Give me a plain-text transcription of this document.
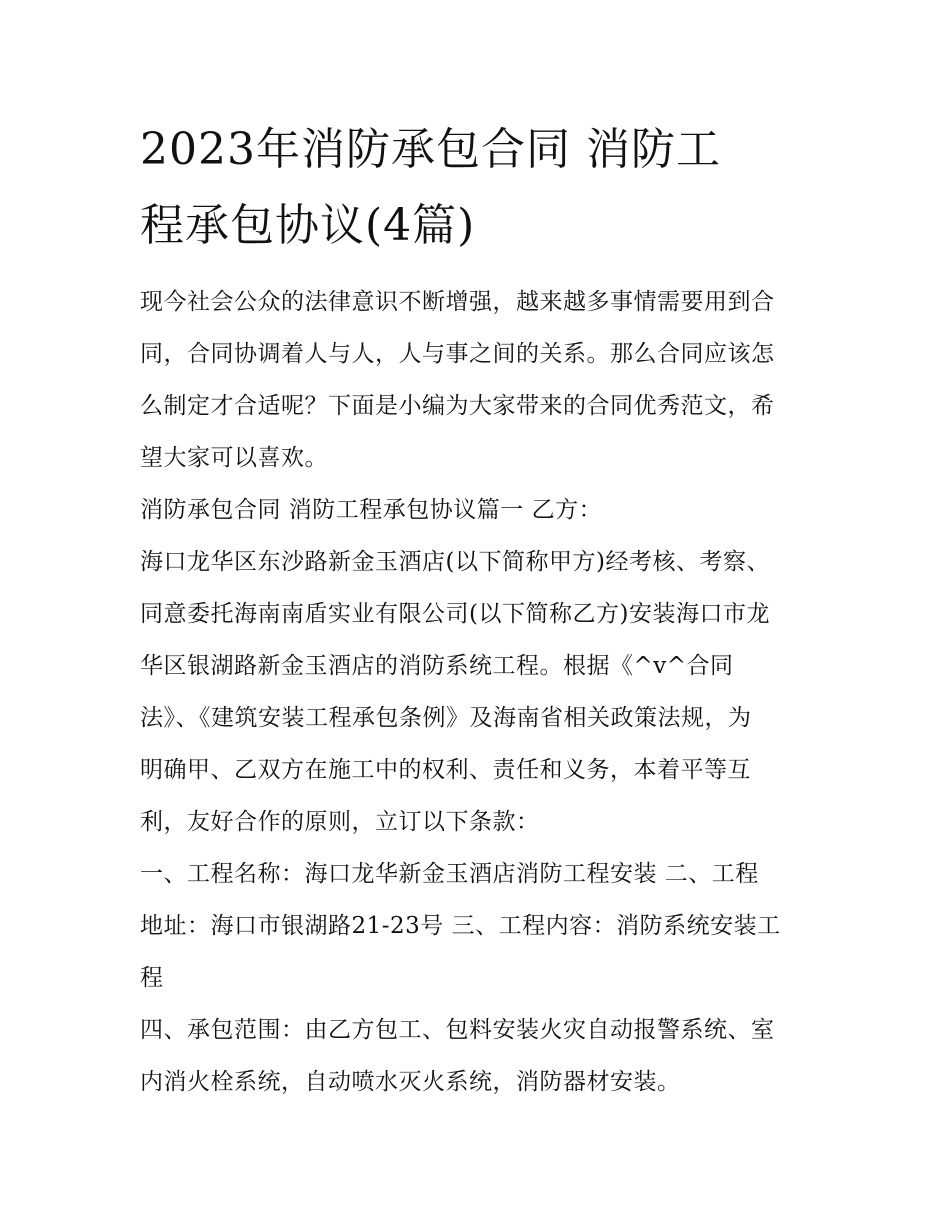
2023年消防承包合同 消防工
程承包协议(4篇)

现今社会公众的法律意识不断增强，越来越多事情需要用到合
同，合同协调着人与人，人与事之间的关系。那么合同应该怎
么制定才合适呢？下面是小编为大家带来的合同优秀范文，希
望大家可以喜欢。

消防承包合同 消防工程承包协议篇一 乙方：

海口龙华区东沙路新金玉酒店(以下简称甲方)经考核、考察、
同意委托海南南盾实业有限公司(以下简称乙方)安装海口市龙
华区银湖路新金玉酒店的消防系统工程。根据《^v^合同
法》、《建筑安装工程承包条例》及海南省相关政策法规，为
明确甲、乙双方在施工中的权利、责任和义务，本着平等互
利，友好合作的原则，立订以下条款：

一、工程名称：海口龙华新金玉酒店消防工程安装 二、工程
地址：海口市银湖路21-23号 三、工程内容：消防系统安装工
程

四、承包范围：由乙方包工、包料安装火灾自动报警系统、室
内消火栓系统，自动喷水灭火系统，消防器材安装。
